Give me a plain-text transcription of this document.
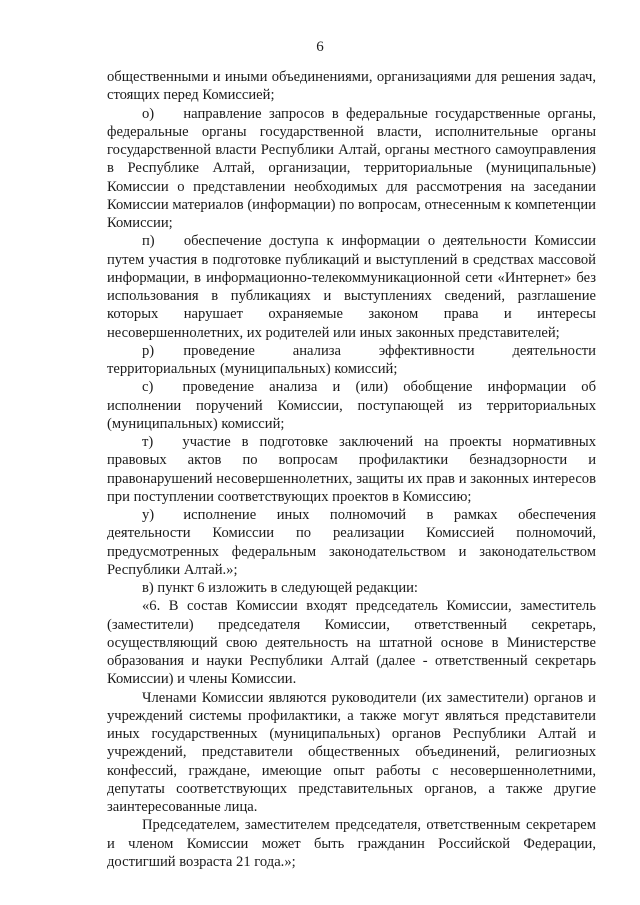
6

общественными и иными объединениями, организациями для решения задач, стоящих перед Комиссией;

о)  направление запросов в федеральные государственные органы, федеральные органы государственной власти, исполнительные органы государственной власти Республики Алтай, органы местного самоуправления в Республике Алтай, организации, территориальные (муниципальные) Комиссии о представлении необходимых для рассмотрения на заседании Комиссии материалов (информации) по вопросам, отнесенным к компетенции Комиссии;

п)  обеспечение доступа к информации о деятельности Комиссии путем участия в подготовке публикаций и выступлений в средствах массовой информации, в информационно-телекоммуникационной сети «Интернет» без использования в публикациях и выступлениях сведений, разглашение которых нарушает охраняемые законом права и интересы несовершеннолетних, их родителей или иных законных представителей;

р)  проведение анализа эффективности деятельности территориальных (муниципальных) комиссий;

с)  проведение анализа и (или) обобщение информации об исполнении поручений Комиссии, поступающей из территориальных (муниципальных) комиссий;

т)  участие в подготовке заключений на проекты нормативных правовых актов по вопросам профилактики безнадзорности и правонарушений несовершеннолетних, защиты их прав и законных интересов при поступлении соответствующих проектов в Комиссию;

у)  исполнение иных полномочий в рамках обеспечения деятельности Комиссии по реализации Комиссией полномочий, предусмотренных федеральным законодательством и законодательством Республики Алтай.»;

в) пункт 6 изложить в следующей редакции:

«6. В состав Комиссии входят председатель Комиссии, заместитель (заместители) председателя Комиссии, ответственный секретарь, осуществляющий свою деятельность на штатной основе в Министерстве образования и науки Республики Алтай (далее - ответственный секретарь Комиссии) и члены Комиссии.

Членами Комиссии являются руководители (их заместители) органов и учреждений системы профилактики, а также могут являться представители иных государственных (муниципальных) органов Республики Алтай и учреждений, представители общественных объединений, религиозных конфессий, граждане, имеющие опыт работы с несовершеннолетними, депутаты соответствующих представительных органов, а также другие заинтересованные лица.

Председателем, заместителем председателя, ответственным секретарем и членом Комиссии может быть гражданин Российской Федерации, достигший возраста 21 года.»;
